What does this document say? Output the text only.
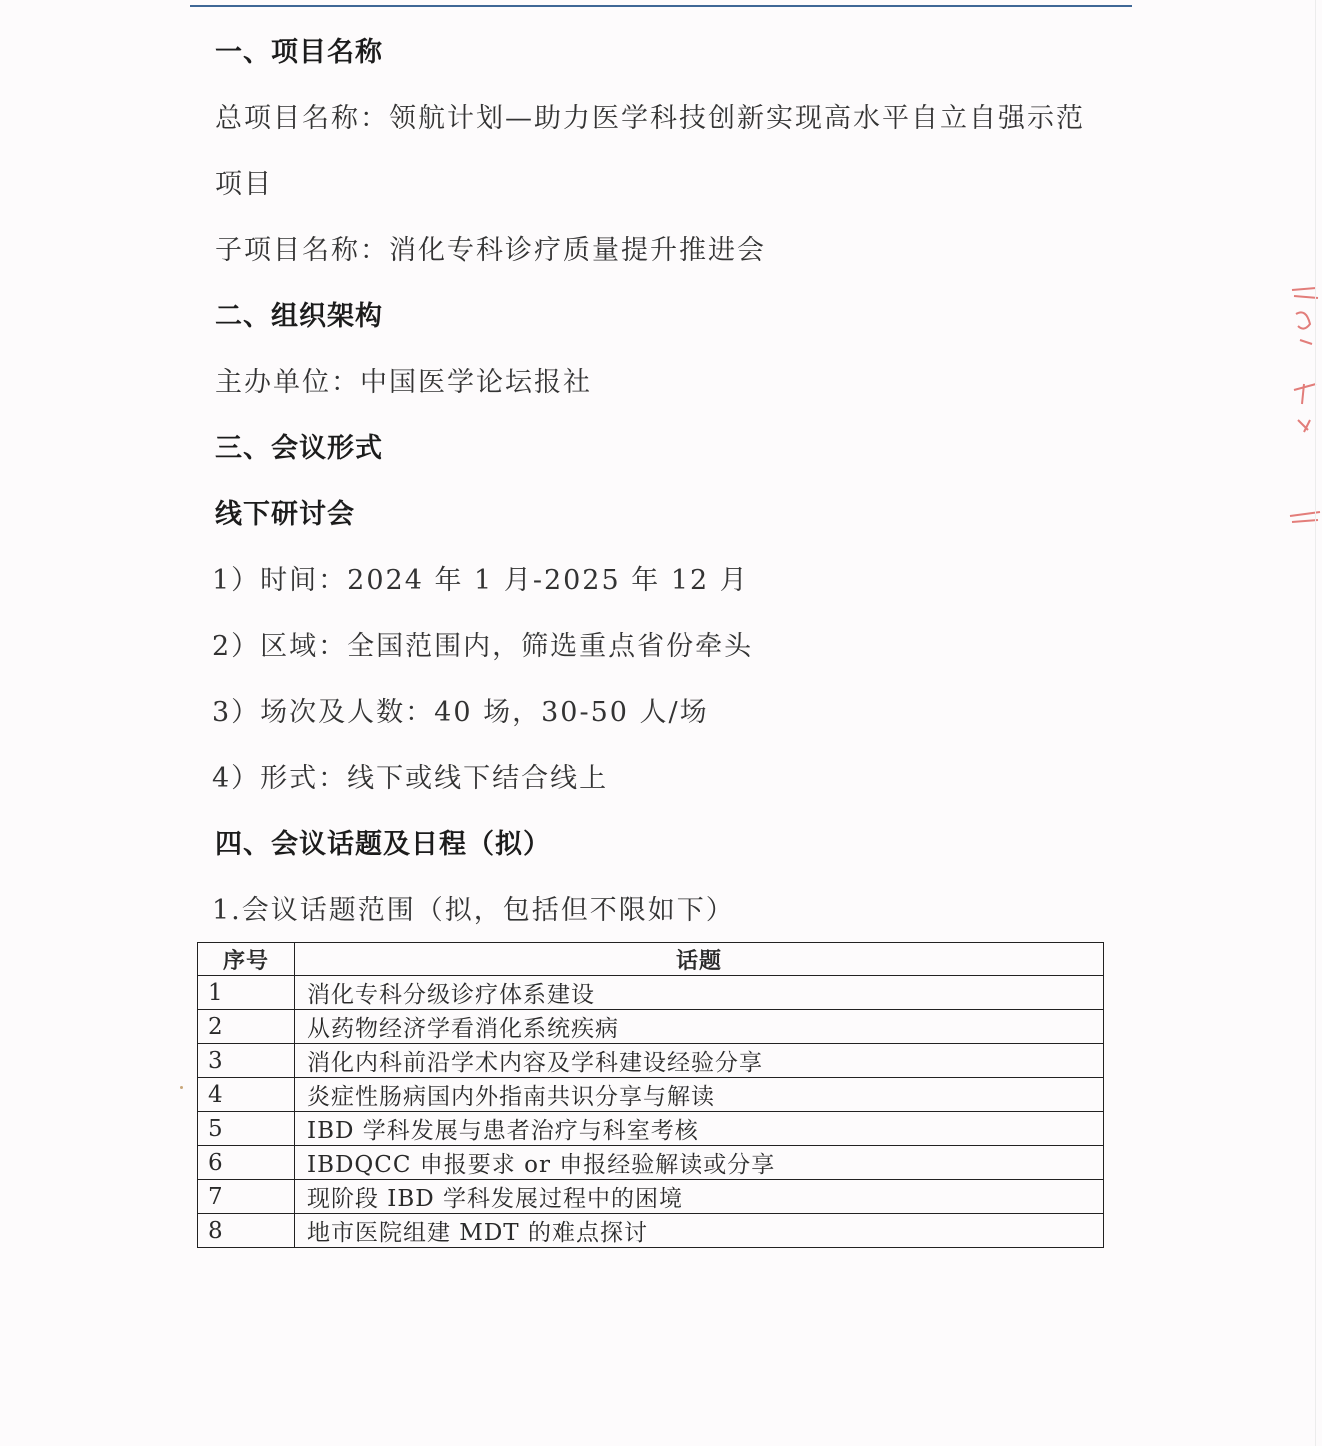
一、项目名称
总项目名称：领航计划—助力医学科技创新实现高水平自立自强示范
项目
子项目名称：消化专科诊疗质量提升推进会
二、组织架构
主办单位：中国医学论坛报社
三、会议形式
线下研讨会
1）时间：2024 年 1 月-2025 年 12 月
2）区域：全国范围内，筛选重点省份牵头
3）场次及人数：40 场，30-50 人/场
4）形式：线下或线下结合线上
四、会议话题及日程（拟）
1.会议话题范围（拟，包括但不限如下）
序号	话题
1	消化专科分级诊疗体系建设
2	从药物经济学看消化系统疾病
3	消化内科前沿学术内容及学科建设经验分享
4	炎症性肠病国内外指南共识分享与解读
5	IBD 学科发展与患者治疗与科室考核
6	IBDQCC 申报要求 or 申报经验解读或分享
7	现阶段 IBD 学科发展过程中的困境
8	地市医院组建 MDT 的难点探讨
